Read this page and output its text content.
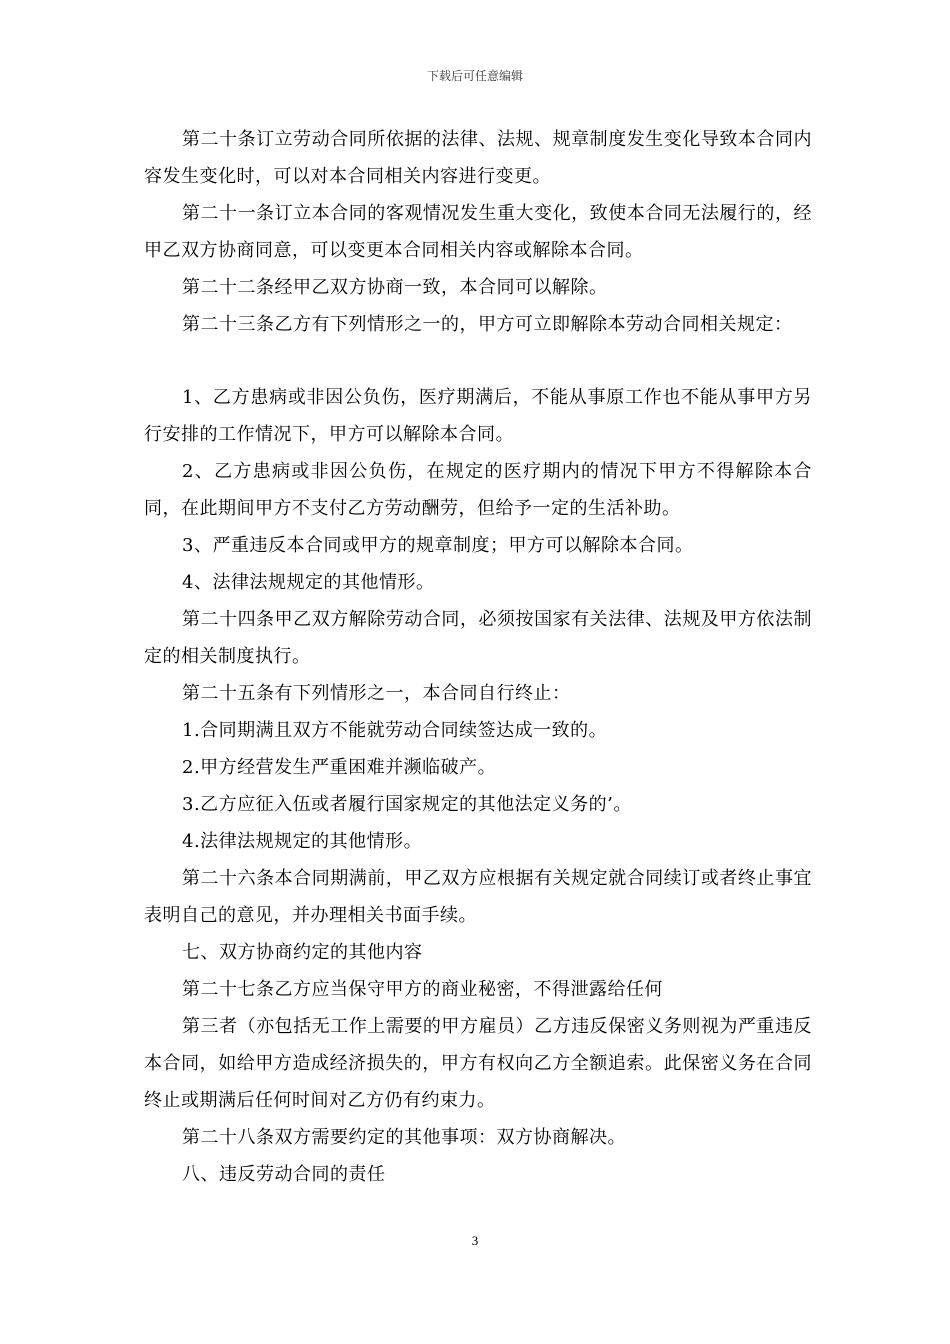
下载后可任意编辑

第二十条订立劳动合同所依据的法律、法规、规章制度发生变化导致本合同内容发生变化时，可以对本合同相关内容进行变更。

第二十一条订立本合同的客观情况发生重大变化，致使本合同无法履行的，经甲乙双方协商同意，可以变更本合同相关内容或解除本合同。

第二十二条经甲乙双方协商一致，本合同可以解除。

第二十三条乙方有下列情形之一的，甲方可立即解除本劳动合同相关规定：

1、乙方患病或非因公负伤，医疗期满后，不能从事原工作也不能从事甲方另行安排的工作情况下，甲方可以解除本合同。

2、乙方患病或非因公负伤，在规定的医疗期内的情况下甲方不得解除本合同，在此期间甲方不支付乙方劳动酬劳，但给予一定的生活补助。

3、严重违反本合同或甲方的规章制度；甲方可以解除本合同。

4、法律法规规定的其他情形。

第二十四条甲乙双方解除劳动合同，必须按国家有关法律、法规及甲方依法制定的相关制度执行。

第二十五条有下列情形之一，本合同自行终止：

1.合同期满且双方不能就劳动合同续签达成一致的。

2.甲方经营发生严重困难并濒临破产。

3.乙方应征入伍或者履行国家规定的其他法定义务的’。

4.法律法规规定的其他情形。

第二十六条本合同期满前，甲乙双方应根据有关规定就合同续订或者终止事宜表明自己的意见，并办理相关书面手续。

七、双方协商约定的其他内容

第二十七条乙方应当保守甲方的商业秘密，不得泄露给任何

第三者（亦包括无工作上需要的甲方雇员）乙方违反保密义务则视为严重违反本合同，如给甲方造成经济损失的，甲方有权向乙方全额追索。此保密义务在合同终止或期满后任何时间对乙方仍有约束力。

第二十八条双方需要约定的其他事项：双方协商解决。

八、违反劳动合同的责任

3
